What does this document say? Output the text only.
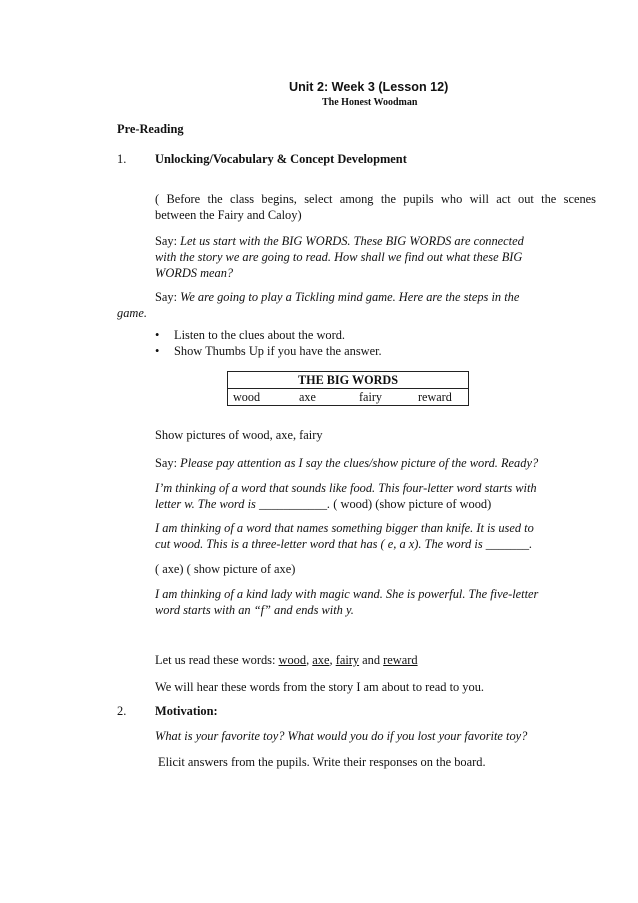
Unit 2: Week 3 (Lesson 12)
The Honest Woodman
Pre-Reading
1. Unlocking/Vocabulary & Concept Development
( Before the class begins, select among the pupils who will act out the scenes
between the Fairy and Caloy)
Say: Let us start with the BIG WORDS. These BIG WORDS are connected
with the story we are going to read. How shall we find out what these BIG
WORDS mean?
Say: We are going to play a Tickling mind game. Here are the steps in the
game.
• Listen to the clues about the word.
• Show Thumbs Up if you have the answer.
THE BIG WORDS

wood	axe	fairy	reward
Show pictures of wood, axe, fairy
Say: Please pay attention as I say the clues/show picture of the word. Ready?
I’m thinking of a word that sounds like food. This four-letter word starts with
letter w. The word is ___________. ( wood) (show picture of wood)
I am thinking of a word that names something bigger than knife. It is used to
cut wood. This is a three-letter word that has ( e, a x). The word is _______.
( axe) ( show picture of axe)
I am thinking of a kind lady with magic wand. She is powerful. The five-letter
word starts with an “f” and ends with y.
Let us read these words: wood, axe, fairy and reward
We will hear these words from the story I am about to read to you.
2. Motivation:
What is your favorite toy? What would you do if you lost your favorite toy?
Elicit answers from the pupils. Write their responses on the board.
